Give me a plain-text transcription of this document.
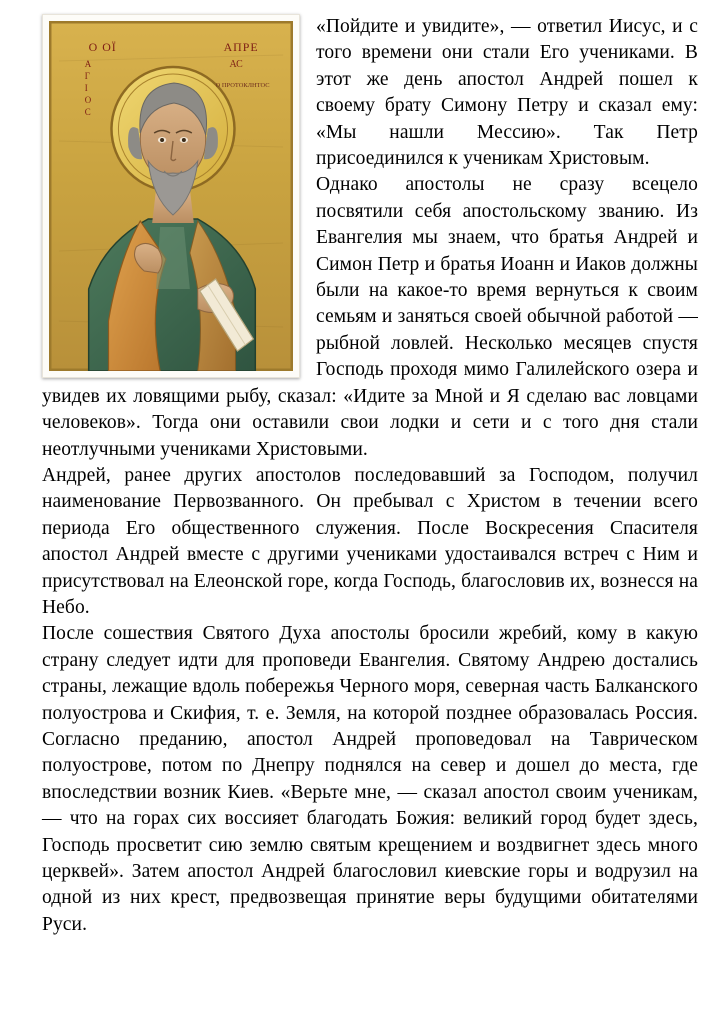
О ОЇ
А
Г
I
О
С
АПРЕ
АС
О ПРОТОКЛНТОС

«Пойдите и увидите», — ответил Иисус, и с того времени они стали Его учениками. В этот же день апостол Андрей пошел к своему брату Симону Петру и сказал ему: «Мы нашли Мессию». Так Петр присоединился к ученикам Христовым.

Однако апостолы не сразу всецело посвятили себя апостольскому званию. Из Евангелия мы знаем, что братья Андрей и Симон Петр и братья Иоанн и Иаков должны были на какое-то время вернуться к своим семьям и заняться своей обычной работой — рыбной ловлей. Несколько месяцев спустя Господь проходя мимо Галилейского озера и увидев их ловящими рыбу, сказал: «Идите за Мной и Я сделаю вас ловцами человеков». Тогда они оставили свои лодки и сети и с того дня стали неотлучными учениками Христовыми.

Андрей, ранее других апостолов последовавший за Господом, получил наименование Первозванного. Он пребывал с Христом в течении всего периода Его общественного служения. После Воскресения Спасителя апостол Андрей вместе с другими учениками удостаивался встреч с Ним и присутствовал на Елеонской горе, когда Господь, благословив их, вознесся на Небо.

После сошествия Святого Духа апостолы бросили жребий, кому в какую страну следует идти для проповеди Евангелия. Святому Андрею достались страны, лежащие вдоль побережья Черного моря, северная часть Балканского полуострова и Скифия, т. е. Земля, на которой позднее образовалась Россия. Согласно преданию, апостол Андрей проповедовал на Таврическом полуострове, потом по Днепру поднялся на север и дошел до места, где впоследствии возник Киев. «Верьте мне, — сказал апостол своим ученикам, — что на горах сих воссияет благодать Божия: великий город будет здесь, Господь просветит сию землю святым крещением и воздвигнет здесь много церквей». Затем апостол Андрей благословил киевские горы и водрузил на одной из них крест, предвозвещая принятие веры будущими обитателями Руси.
